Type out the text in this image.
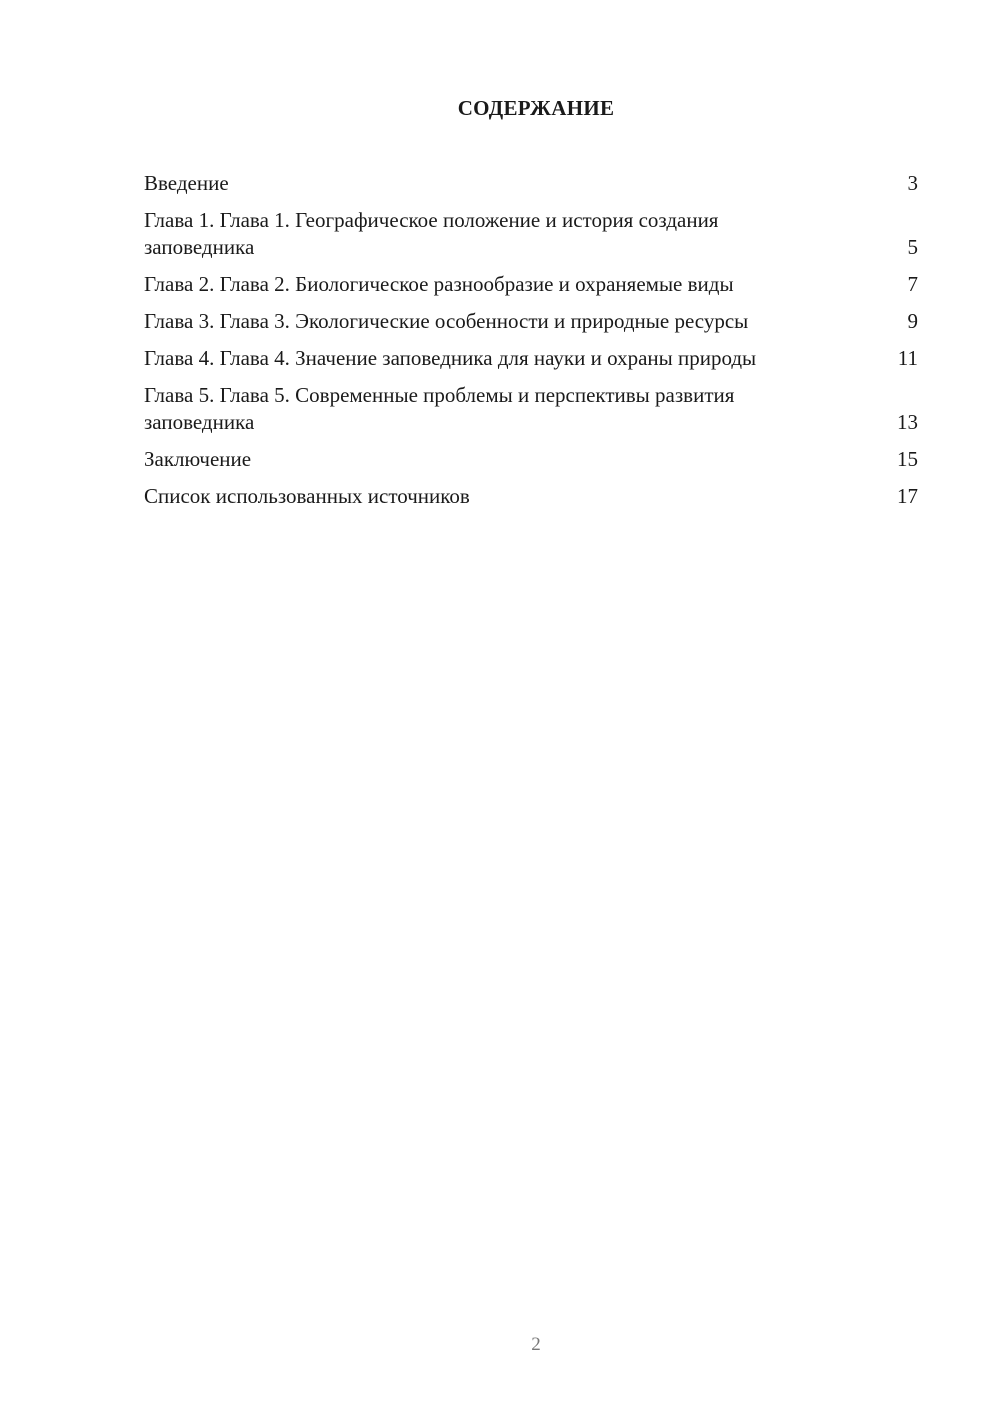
СОДЕРЖАНИЕ
Введение	3
Глава 1. Глава 1. Географическое положение и история создания заповедника	5
Глава 2. Глава 2. Биологическое разнообразие и охраняемые виды	7
Глава 3. Глава 3. Экологические особенности и природные ресурсы	9
Глава 4. Глава 4. Значение заповедника для науки и охраны природы	11
Глава 5. Глава 5. Современные проблемы и перспективы развития заповедника	13
Заключение	15
Список использованных источников	17
2
